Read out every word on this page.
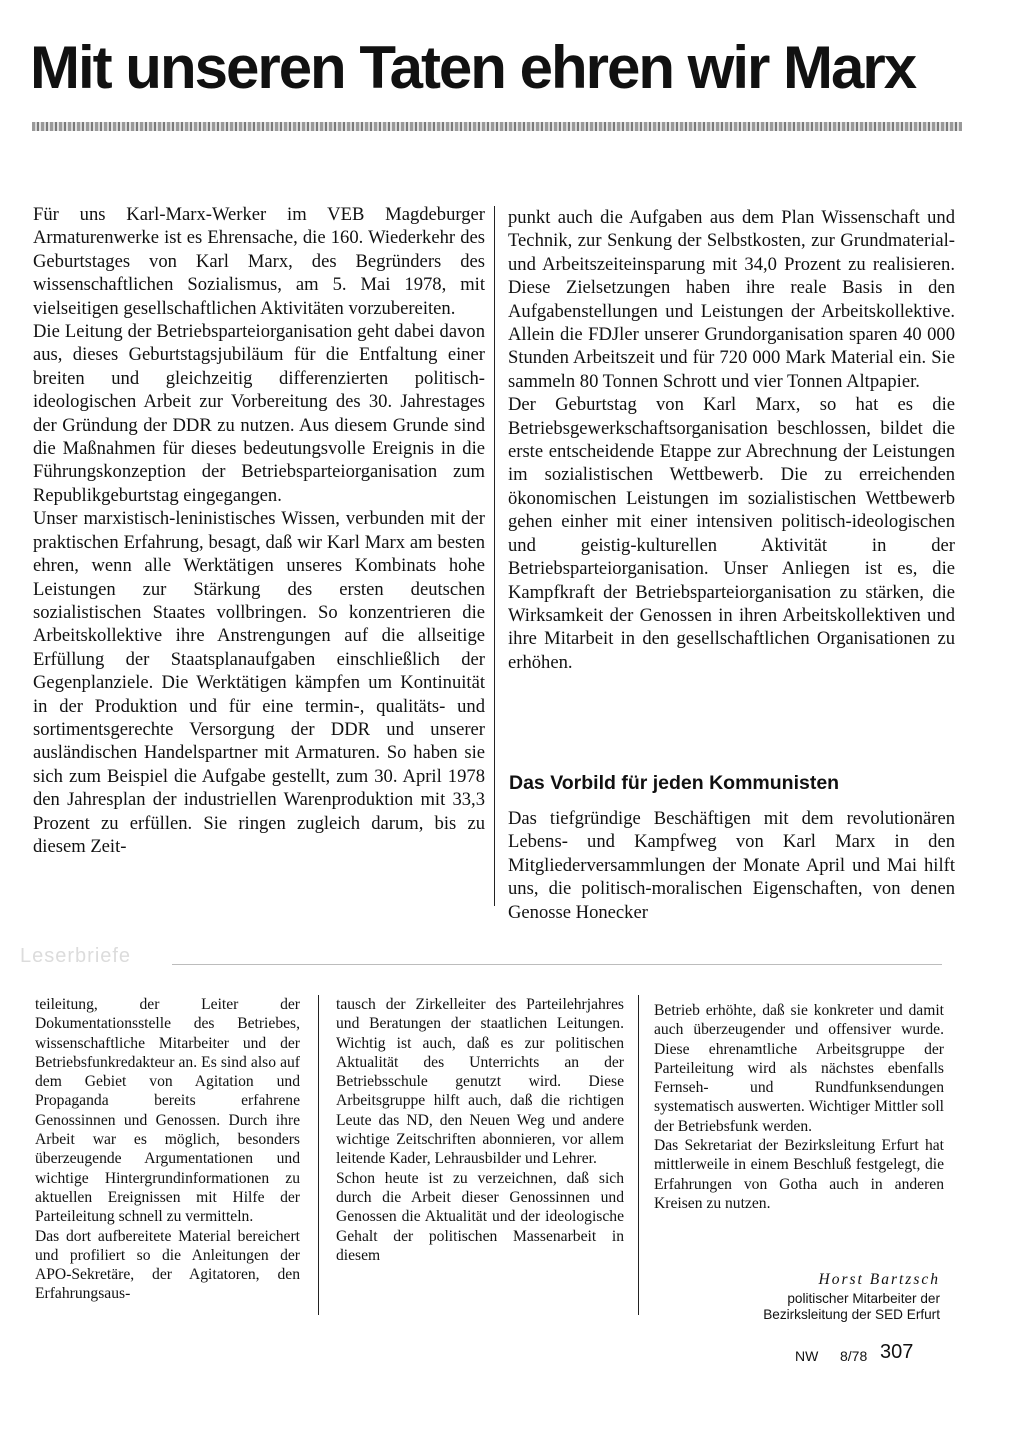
Mit unseren Taten ehren wir Marx

Für uns Karl-Marx-Werker im VEB Magdeburger Armaturenwerke ist es Ehrensache, die 160. Wiederkehr des Geburtstages von Karl Marx, des Begründers des wissenschaftlichen Sozialismus, am 5. Mai 1978, mit vielseitigen gesellschaftlichen Aktivitäten vorzubereiten.

Die Leitung der Betriebsparteiorganisation geht dabei davon aus, dieses Geburtstagsjubiläum für die Entfaltung einer breiten und gleichzeitig differenzierten politisch-ideologischen Arbeit zur Vorbereitung des 30. Jahrestages der Gründung der DDR zu nutzen. Aus diesem Grunde sind die Maßnahmen für dieses bedeutungsvolle Ereignis in die Führungskonzeption der Betriebsparteiorganisation zum Republikgeburtstag eingegangen.

Unser marxistisch-leninistisches Wissen, verbunden mit der praktischen Erfahrung, besagt, daß wir Karl Marx am besten ehren, wenn alle Werktätigen unseres Kombinats hohe Leistungen zur Stärkung des ersten deutschen sozialistischen Staates vollbringen. So konzentrieren die Arbeitskollektive ihre Anstrengungen auf die allseitige Erfüllung der Staatsplanaufgaben einschließlich der Gegenplanziele. Die Werktätigen kämpfen um Kontinuität in der Produktion und für eine termin-, qualitäts- und sortimentsgerechte Versorgung der DDR und unserer ausländischen Handelspartner mit Armaturen. So haben sie sich zum Beispiel die Aufgabe gestellt, zum 30. April 1978 den Jahresplan der industriellen Warenproduktion mit 33,3 Prozent zu erfüllen. Sie ringen zugleich darum, bis zu diesem Zeit-

punkt auch die Aufgaben aus dem Plan Wissenschaft und Technik, zur Senkung der Selbstkosten, zur Grundmaterial- und Arbeitszeiteinsparung mit 34,0 Prozent zu realisieren. Diese Zielsetzungen haben ihre reale Basis in den Aufgabenstellungen und Leistungen der Arbeitskollektive. Allein die FDJler unserer Grundorganisation sparen 40 000 Stunden Arbeitszeit und für 720 000 Mark Material ein. Sie sammeln 80 Tonnen Schrott und vier Tonnen Altpapier.

Der Geburtstag von Karl Marx, so hat es die Betriebsgewerkschaftsorganisation beschlossen, bildet die erste entscheidende Etappe zur Abrechnung der Leistungen im sozialistischen Wettbewerb. Die zu erreichenden ökonomischen Leistungen im sozialistischen Wettbewerb gehen einher mit einer intensiven politisch-ideologischen und geistig-kulturellen Aktivität in der Betriebsparteiorganisation. Unser Anliegen ist es, die Kampfkraft der Betriebsparteiorganisation zu stärken, die Wirksamkeit der Genossen in ihren Arbeitskollektiven und ihre Mitarbeit in den gesellschaftlichen Organisationen zu erhöhen.

Das Vorbild für jeden Kommunisten

Das tiefgründige Beschäftigen mit dem revolutionären Lebens- und Kampfweg von Karl Marx in den Mitgliederversammlungen der Monate April und Mai hilft uns, die politisch-moralischen Eigenschaften, von denen Genosse Honecker

Leserbriefe

teileitung, der Leiter der Dokumentationsstelle des Betriebes, wissenschaftliche Mitarbeiter und der Betriebsfunkredakteur an. Es sind also auf dem Gebiet von Agitation und Propaganda bereits erfahrene Genossinnen und Genossen. Durch ihre Arbeit war es möglich, besonders überzeugende Argumentationen und wichtige Hintergrundinformationen zu aktuellen Ereignissen mit Hilfe der Parteileitung schnell zu vermitteln.

Das dort aufbereitete Material bereichert und profiliert so die Anleitungen der APO-Sekretäre, der Agitatoren, den Erfahrungsaus-

tausch der Zirkelleiter des Parteilehrjahres und Beratungen der staatlichen Leitungen. Wichtig ist auch, daß es zur politischen Aktualität des Unterrichts an der Betriebsschule genutzt wird. Diese Arbeitsgruppe hilft auch, daß die richtigen Leute das ND, den Neuen Weg und andere wichtige Zeitschriften abonnieren, vor allem leitende Kader, Lehrausbilder und Lehrer.

Schon heute ist zu verzeichnen, daß sich durch die Arbeit dieser Genossinnen und Genossen die Aktualität und der ideologische Gehalt der politischen Massenarbeit in diesem

Betrieb erhöhte, daß sie konkreter und damit auch überzeugender und offensiver wurde. Diese ehrenamtliche Arbeitsgruppe der Parteileitung wird als nächstes ebenfalls Fernseh- und Rundfunksendungen systematisch auswerten. Wichtiger Mittler soll der Betriebsfunk werden.

Das Sekretariat der Bezirksleitung Erfurt hat mittlerweile in einem Beschluß festgelegt, die Erfahrungen von Gotha auch in anderen Kreisen zu nutzen.

Horst Bartzsch

politischer Mitarbeiter der
Bezirksleitung der SED Erfurt

NW 8/78 307
